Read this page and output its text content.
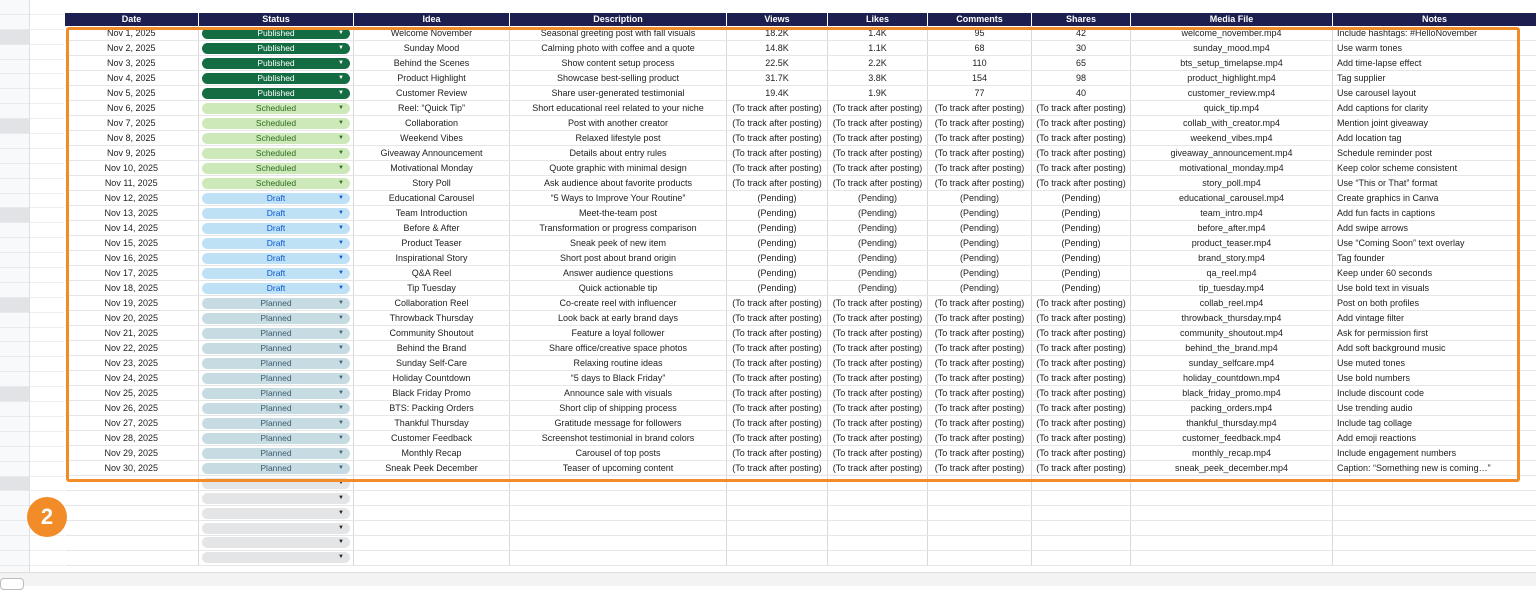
Date	Status	Idea	Description	Views	Likes	Comments	Shares	Media File	Notes
Nov 1, 2025	Published ▼	Welcome November	Seasonal greeting post with fall visuals	18.2K	1.4K	95	42	welcome_november.mp4	Include hashtags: #HelloNovember
Nov 2, 2025	Published ▼	Sunday Mood	Calming photo with coffee and a quote	14.8K	1.1K	68	30	sunday_mood.mp4	Use warm tones
Nov 3, 2025	Published ▼	Behind the Scenes	Show content setup process	22.5K	2.2K	110	65	bts_setup_timelapse.mp4	Add time-lapse effect
Nov 4, 2025	Published ▼	Product Highlight	Showcase best-selling product	31.7K	3.8K	154	98	product_highlight.mp4	Tag supplier
Nov 5, 2025	Published ▼	Customer Review	Share user-generated testimonial	19.4K	1.9K	77	40	customer_review.mp4	Use carousel layout
Nov 6, 2025	Scheduled ▼	Reel: “Quick Tip”	Short educational reel related to your niche	(To track after posting)	(To track after posting)	(To track after posting)	(To track after posting)	quick_tip.mp4	Add captions for clarity
Nov 7, 2025	Scheduled ▼	Collaboration	Post with another creator	(To track after posting)	(To track after posting)	(To track after posting)	(To track after posting)	collab_with_creator.mp4	Mention joint giveaway
Nov 8, 2025	Scheduled ▼	Weekend Vibes	Relaxed lifestyle post	(To track after posting)	(To track after posting)	(To track after posting)	(To track after posting)	weekend_vibes.mp4	Add location tag
Nov 9, 2025	Scheduled ▼	Giveaway Announcement	Details about entry rules	(To track after posting)	(To track after posting)	(To track after posting)	(To track after posting)	giveaway_announcement.mp4	Schedule reminder post
Nov 10, 2025	Scheduled ▼	Motivational Monday	Quote graphic with minimal design	(To track after posting)	(To track after posting)	(To track after posting)	(To track after posting)	motivational_monday.mp4	Keep color scheme consistent
Nov 11, 2025	Scheduled ▼	Story Poll	Ask audience about favorite products	(To track after posting)	(To track after posting)	(To track after posting)	(To track after posting)	story_poll.mp4	Use “This or That” format
Nov 12, 2025	Draft ▼	Educational Carousel	“5 Ways to Improve Your Routine”	(Pending)	(Pending)	(Pending)	(Pending)	educational_carousel.mp4	Create graphics in Canva
Nov 13, 2025	Draft ▼	Team Introduction	Meet-the-team post	(Pending)	(Pending)	(Pending)	(Pending)	team_intro.mp4	Add fun facts in captions
Nov 14, 2025	Draft ▼	Before & After	Transformation or progress comparison	(Pending)	(Pending)	(Pending)	(Pending)	before_after.mp4	Add swipe arrows
Nov 15, 2025	Draft ▼	Product Teaser	Sneak peek of new item	(Pending)	(Pending)	(Pending)	(Pending)	product_teaser.mp4	Use “Coming Soon” text overlay
Nov 16, 2025	Draft ▼	Inspirational Story	Short post about brand origin	(Pending)	(Pending)	(Pending)	(Pending)	brand_story.mp4	Tag founder
Nov 17, 2025	Draft ▼	Q&A Reel	Answer audience questions	(Pending)	(Pending)	(Pending)	(Pending)	qa_reel.mp4	Keep under 60 seconds
Nov 18, 2025	Draft ▼	Tip Tuesday	Quick actionable tip	(Pending)	(Pending)	(Pending)	(Pending)	tip_tuesday.mp4	Use bold text in visuals
Nov 19, 2025	Planned ▼	Collaboration Reel	Co-create reel with influencer	(To track after posting)	(To track after posting)	(To track after posting)	(To track after posting)	collab_reel.mp4	Post on both profiles
Nov 20, 2025	Planned ▼	Throwback Thursday	Look back at early brand days	(To track after posting)	(To track after posting)	(To track after posting)	(To track after posting)	throwback_thursday.mp4	Add vintage filter
Nov 21, 2025	Planned ▼	Community Shoutout	Feature a loyal follower	(To track after posting)	(To track after posting)	(To track after posting)	(To track after posting)	community_shoutout.mp4	Ask for permission first
Nov 22, 2025	Planned ▼	Behind the Brand	Share office/creative space photos	(To track after posting)	(To track after posting)	(To track after posting)	(To track after posting)	behind_the_brand.mp4	Add soft background music
Nov 23, 2025	Planned ▼	Sunday Self-Care	Relaxing routine ideas	(To track after posting)	(To track after posting)	(To track after posting)	(To track after posting)	sunday_selfcare.mp4	Use muted tones
Nov 24, 2025	Planned ▼	Holiday Countdown	“5 days to Black Friday”	(To track after posting)	(To track after posting)	(To track after posting)	(To track after posting)	holiday_countdown.mp4	Use bold numbers
Nov 25, 2025	Planned ▼	Black Friday Promo	Announce sale with visuals	(To track after posting)	(To track after posting)	(To track after posting)	(To track after posting)	black_friday_promo.mp4	Include discount code
Nov 26, 2025	Planned ▼	BTS: Packing Orders	Short clip of shipping process	(To track after posting)	(To track after posting)	(To track after posting)	(To track after posting)	packing_orders.mp4	Use trending audio
Nov 27, 2025	Planned ▼	Thankful Thursday	Gratitude message for followers	(To track after posting)	(To track after posting)	(To track after posting)	(To track after posting)	thankful_thursday.mp4	Include tag collage
Nov 28, 2025	Planned ▼	Customer Feedback	Screenshot testimonial in brand colors	(To track after posting)	(To track after posting)	(To track after posting)	(To track after posting)	customer_feedback.mp4	Add emoji reactions
Nov 29, 2025	Planned ▼	Monthly Recap	Carousel of top posts	(To track after posting)	(To track after posting)	(To track after posting)	(To track after posting)	monthly_recap.mp4	Include engagement numbers
Nov 30, 2025	Planned ▼	Sneak Peek December	Teaser of upcoming content	(To track after posting)	(To track after posting)	(To track after posting)	(To track after posting)	sneak_peek_december.mp4	Caption: “Something new is coming…”

	▼								

	▼								

	▼								

	▼								

	▼								

	▼								

2
